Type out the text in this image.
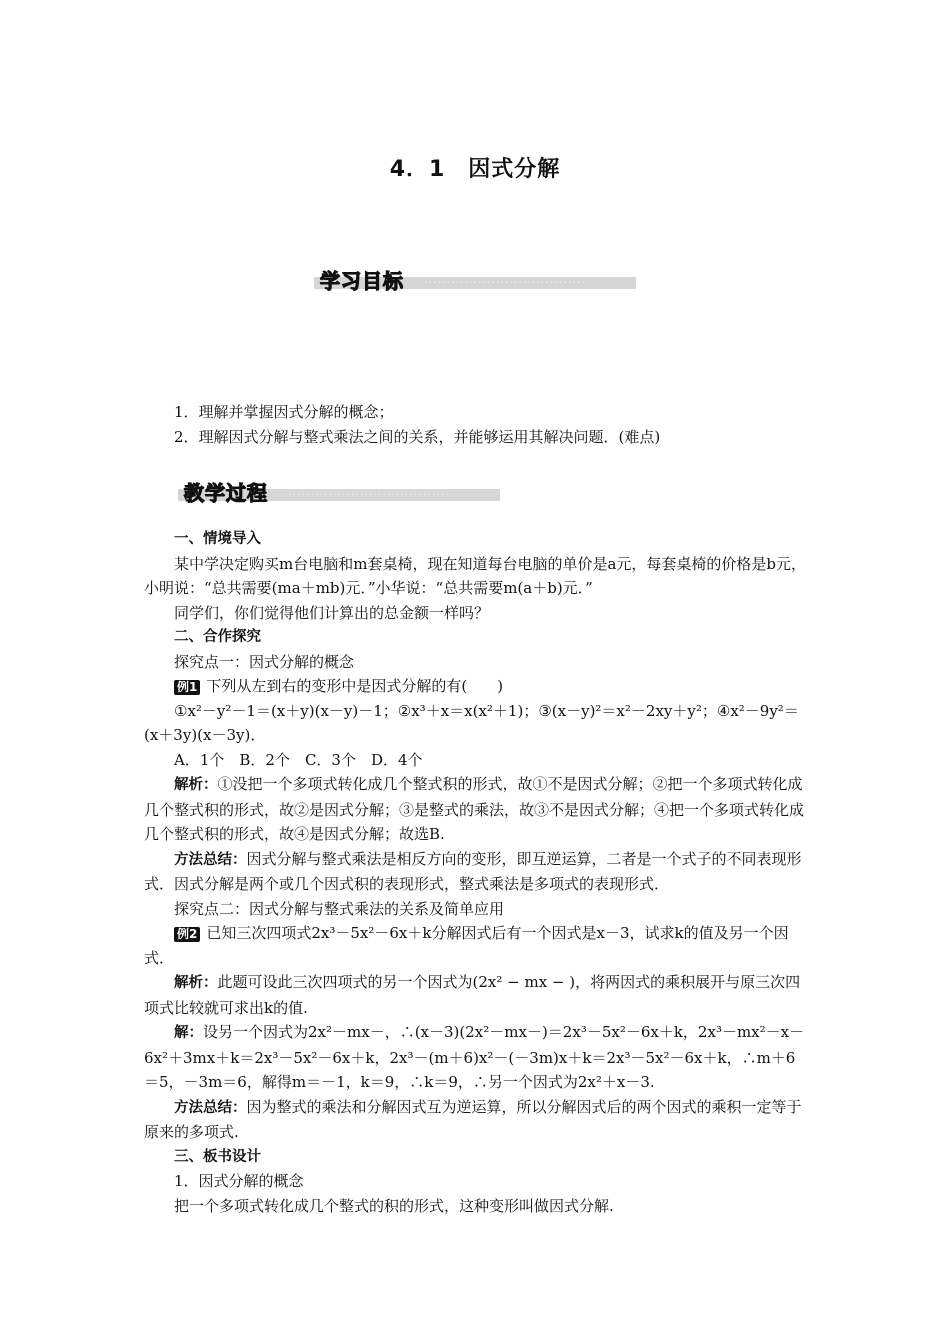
4．1　因式分解
····································
学习目标

1．理解并掌握因式分解的概念；

2．理解因式分解与整式乘法之间的关系，并能够运用其解决问题．(难点)

····································
教学过程

一、情境导入

某中学决定购买m台电脑和m套桌椅，现在知道每台电脑的单价是a元，每套桌椅的价格是b元，小明说：“总共需要(ma＋mb)元．”小华说：“总共需要m(a＋b)元．”

同学们，你们觉得他们计算出的总金额一样吗？

二、合作探究

探究点一：因式分解的概念

例1 下列从左到右的变形中是因式分解的有(　　)

①x²－y²－1＝(x＋y)(x－y)－1；②x³＋x＝x(x²＋1)；③(x－y)²＝x²－2xy＋y²；④x²－9y²＝(x＋3y)(x－3y)．

A．1个　B．2个　C．3个　D．4个

解析：①没把一个多项式转化成几个整式积的形式，故①不是因式分解；②把一个多项式转化成几个整式积的形式，故②是因式分解；③是整式的乘法，故③不是因式分解；④把一个多项式转化成几个整式积的形式，故④是因式分解；故选B.

方法总结：因式分解与整式乘法是相反方向的变形，即互逆运算，二者是一个式子的不同表现形式．因式分解是两个或几个因式积的表现形式，整式乘法是多项式的表现形式．

探究点二：因式分解与整式乘法的关系及简单应用

例2 已知三次四项式2x³－5x²－6x＋k分解因式后有一个因式是x－3，试求k的值及另一个因式．

解析：此题可设此三次四项式的另一个因式为(2x² − mx − )，将两因式的乘积展开与原三次四项式比较就可求出k的值.

解：设另一个因式为2x²－mx－，∴(x－3)(2x²－mx－)＝2x³－5x²－6x＋k，2x³－mx²－x－6x²＋3mx＋k＝2x³－5x²－6x＋k，2x³－(m＋6)x²－(－3m)x＋k＝2x³－5x²－6x＋k，∴m＋6＝5，－3m＝6，解得m＝－1，k＝9，∴k＝9，∴另一个因式为2x²＋x－3.

方法总结：因为整式的乘法和分解因式互为逆运算，所以分解因式后的两个因式的乘积一定等于原来的多项式.

三、板书设计

1．因式分解的概念

把一个多项式转化成几个整式的积的形式，这种变形叫做因式分解.
